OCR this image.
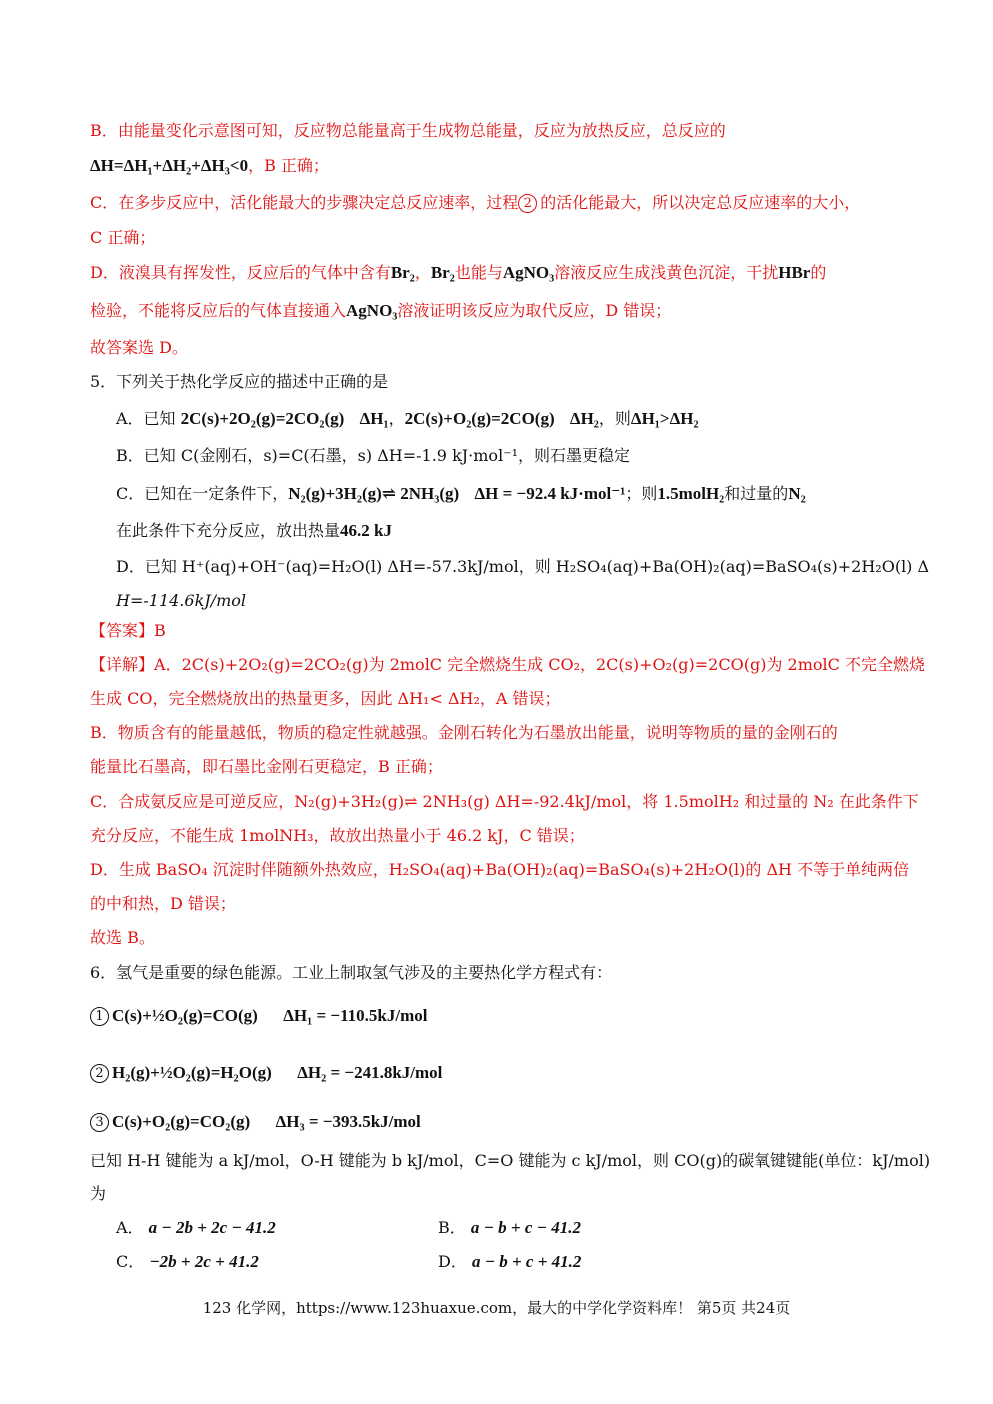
B．由能量变化示意图可知，反应物总能量高于生成物总能量，反应为放热反应，总反应的
ΔH=ΔH₁+ΔH₂+ΔH₃<0，B 正确；
C．在多步反应中，活化能最大的步骤决定总反应速率，过程 2 的活化能最大，所以决定总反应速率的大小，
C 正确；
D．液溴具有挥发性，反应后的气体中含有Br₂，Br₂也能与AgNO₃溶液反应生成浅黄色沉淀，干扰HBr的
检验，不能将反应后的气体直接通入AgNO₃溶液证明该反应为取代反应，D 错误；
故答案选 D。
5．下列关于热化学反应的描述中正确的是
A．已知 2C(s)+2O₂(g)=2CO₂(g) ΔH₁，2C(s)+O₂(g)=2CO(g) ΔH₂，则ΔH₁>ΔH₂
B．已知 C(金刚石，s)=C(石墨，s) ΔH=-1.9 kJ·mol⁻¹，则石墨更稳定
C．已知在一定条件下，N₂(g)+3H₂(g)⇌ 2NH₃(g) ΔH = −92.4 kJ·mol⁻¹；则1.5molH₂和过量的N₂
在此条件下充分反应，放出热量46.2 kJ
D．已知 H⁺(aq)+OH⁻(aq)=H₂O(l) ΔH=-57.3kJ/mol，则 H₂SO₄(aq)+Ba(OH)₂(aq)=BaSO₄(s)+2H₂O(l) Δ
H=-114.6kJ/mol
【答案】B
【详解】A．2C(s)+2O₂(g)=2CO₂(g)为 2molC 完全燃烧生成 CO₂，2C(s)+O₂(g)=2CO(g)为 2molC 不完全燃烧
生成 CO，完全燃烧放出的热量更多，因此 ΔH₁< ΔH₂，A 错误；
B．物质含有的能量越低，物质的稳定性就越强。金刚石转化为石墨放出能量，说明等物质的量的金刚石的
能量比石墨高，即石墨比金刚石更稳定，B 正确；
C．合成氨反应是可逆反应，N₂(g)+3H₂(g)⇌ 2NH₃(g) ΔH=-92.4kJ/mol，将 1.5molH₂ 和过量的 N₂ 在此条件下
充分反应，不能生成 1molNH₃，故放出热量小于 46.2 kJ，C 错误；
D．生成 BaSO₄ 沉淀时伴随额外热效应，H₂SO₄(aq)+Ba(OH)₂(aq)=BaSO₄(s)+2H₂O(l)的 ΔH 不等于单纯两倍
的中和热，D 错误；
故选 B。
6．氢气是重要的绿色能源。工业上制取氢气涉及的主要热化学方程式有：
1 C(s)+½O₂(g)=CO(g) ΔH₁ = −110.5kJ/mol
2 H₂(g)+½O₂(g)=H₂O(g) ΔH₂ = −241.8kJ/mol
3 C(s)+O₂(g)=CO₂(g) ΔH₃ = −393.5kJ/mol
已知 H-H 键能为 a kJ/mol，O-H 键能为 b kJ/mol，C=O 键能为 c kJ/mol，则 CO(g)的碳氧键键能(单位：kJ/mol)
为
A． a − 2b + 2c − 41.2	B． a − b + c − 41.2
C． −2b + 2c + 41.2	D． a − b + c + 41.2
123 化学网，https://www.123huaxue.com，最大的中学化学资料库！ 第5页 共24页
